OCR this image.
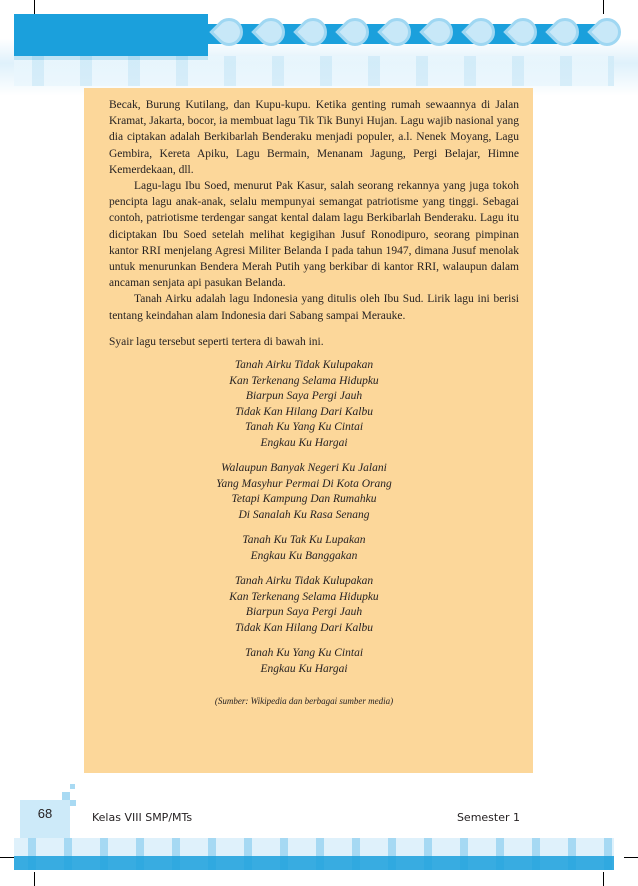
Becak, Burung Kutilang, dan Kupu-kupu. Ketika genting rumah sewaannya di Jalan Kramat, Jakarta, bocor, ia membuat lagu Tik Tik Bunyi Hujan. Lagu wajib nasional yang dia ciptakan adalah Berkibarlah Benderaku menjadi populer, a.l. Nenek Moyang, Lagu Gembira, Kereta Apiku, Lagu Bermain, Menanam Jagung, Pergi Belajar, Himne Kemerdekaan, dll.

Lagu-lagu Ibu Soed, menurut Pak Kasur, salah seorang rekannya yang juga tokoh pencipta lagu anak-anak, selalu mempunyai semangat patriotisme yang tinggi. Sebagai contoh, patriotisme terdengar sangat kental dalam lagu Berkibarlah Benderaku. Lagu itu diciptakan Ibu Soed setelah melihat kegigihan Jusuf Ronodipuro, seorang pimpinan kantor RRI menjelang Agresi Militer Belanda I pada tahun 1947, dimana Jusuf menolak untuk menurunkan Bendera Merah Putih yang berkibar di kantor RRI, walaupun dalam ancaman senjata api pasukan Belanda.

Tanah Airku adalah lagu Indonesia yang ditulis oleh Ibu Sud. Lirik lagu ini berisi tentang keindahan alam Indonesia dari Sabang sampai Merauke.

Syair lagu tersebut seperti tertera di bawah ini.

Tanah Airku Tidak Kulupakan
Kan Terkenang Selama Hidupku
Biarpun Saya Pergi Jauh
Tidak Kan Hilang Dari Kalbu
Tanah Ku Yang Ku Cintai
Engkau Ku Hargai
Walaupun Banyak Negeri Ku Jalani
Yang Masyhur Permai Di Kota Orang
Tetapi Kampung Dan Rumahku
Di Sanalah Ku Rasa Senang
Tanah Ku Tak Ku Lupakan
Engkau Ku Banggakan
Tanah Airku Tidak Kulupakan
Kan Terkenang Selama Hidupku
Biarpun Saya Pergi Jauh
Tidak Kan Hilang Dari Kalbu
Tanah Ku Yang Ku Cintai
Engkau Ku Hargai

(Sumber: Wikipedia dan berbagai sumber media)

68	Kelas VIII SMP/MTs	Semester 1
